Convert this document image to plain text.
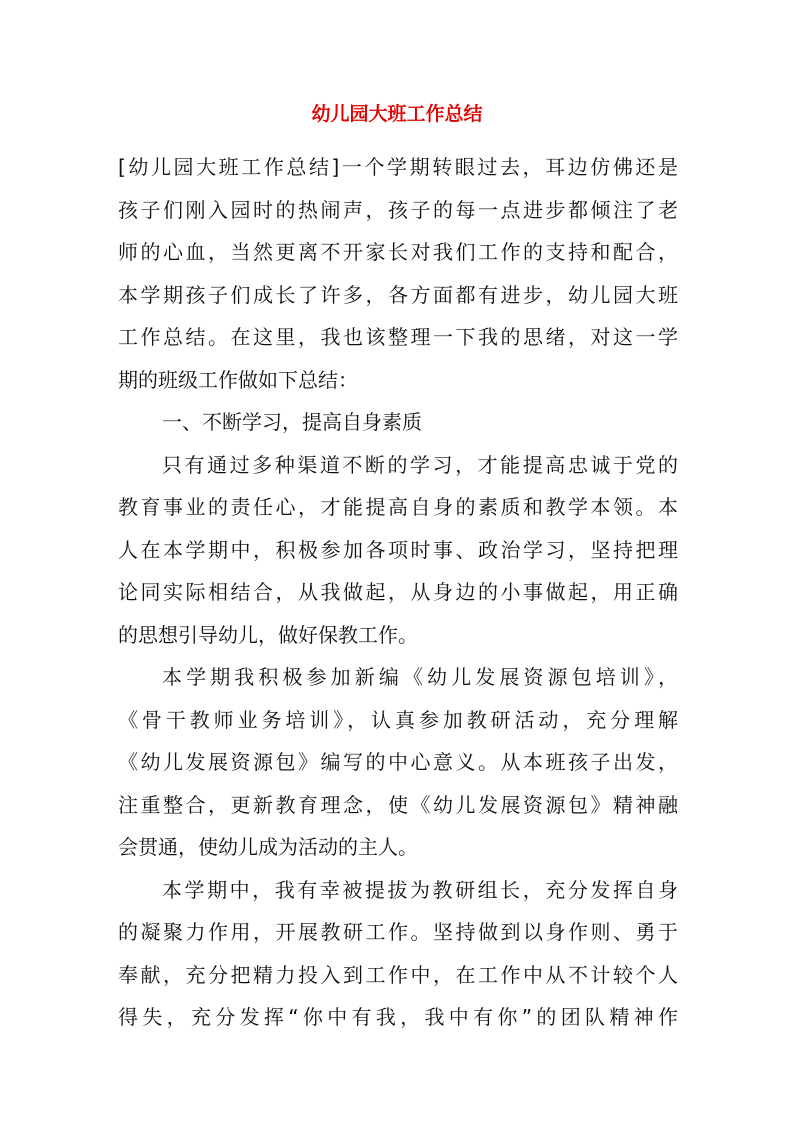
幼儿园大班工作总结
[幼儿园大班工作总结]一个学期转眼过去，耳边仿佛还是
孩子们刚入园时的热闹声，孩子的每一点进步都倾注了老
师的心血，当然更离不开家长对我们工作的支持和配合，
本学期孩子们成长了许多，各方面都有进步，幼儿园大班
工作总结。在这里，我也该整理一下我的思绪，对这一学
期的班级工作做如下总结：
一、不断学习，提高自身素质
只有通过多种渠道不断的学习，才能提高忠诚于党的
教育事业的责任心，才能提高自身的素质和教学本领。本
人在本学期中，积极参加各项时事、政治学习，坚持把理
论同实际相结合，从我做起，从身边的小事做起，用正确
的思想引导幼儿，做好保教工作。
本学期我积极参加新编《幼儿发展资源包培训》，
《骨干教师业务培训》，认真参加教研活动，充分理解
《幼儿发展资源包》编写的中心意义。从本班孩子出发，
注重整合，更新教育理念，使《幼儿发展资源包》精神融
会贯通，使幼儿成为活动的主人。
本学期中，我有幸被提拔为教研组长，充分发挥自身
的凝聚力作用，开展教研工作。坚持做到以身作则、勇于
奉献，充分把精力投入到工作中，在工作中从不计较个人
得失，充分发挥“你中有我，我中有你”的团队精神作
